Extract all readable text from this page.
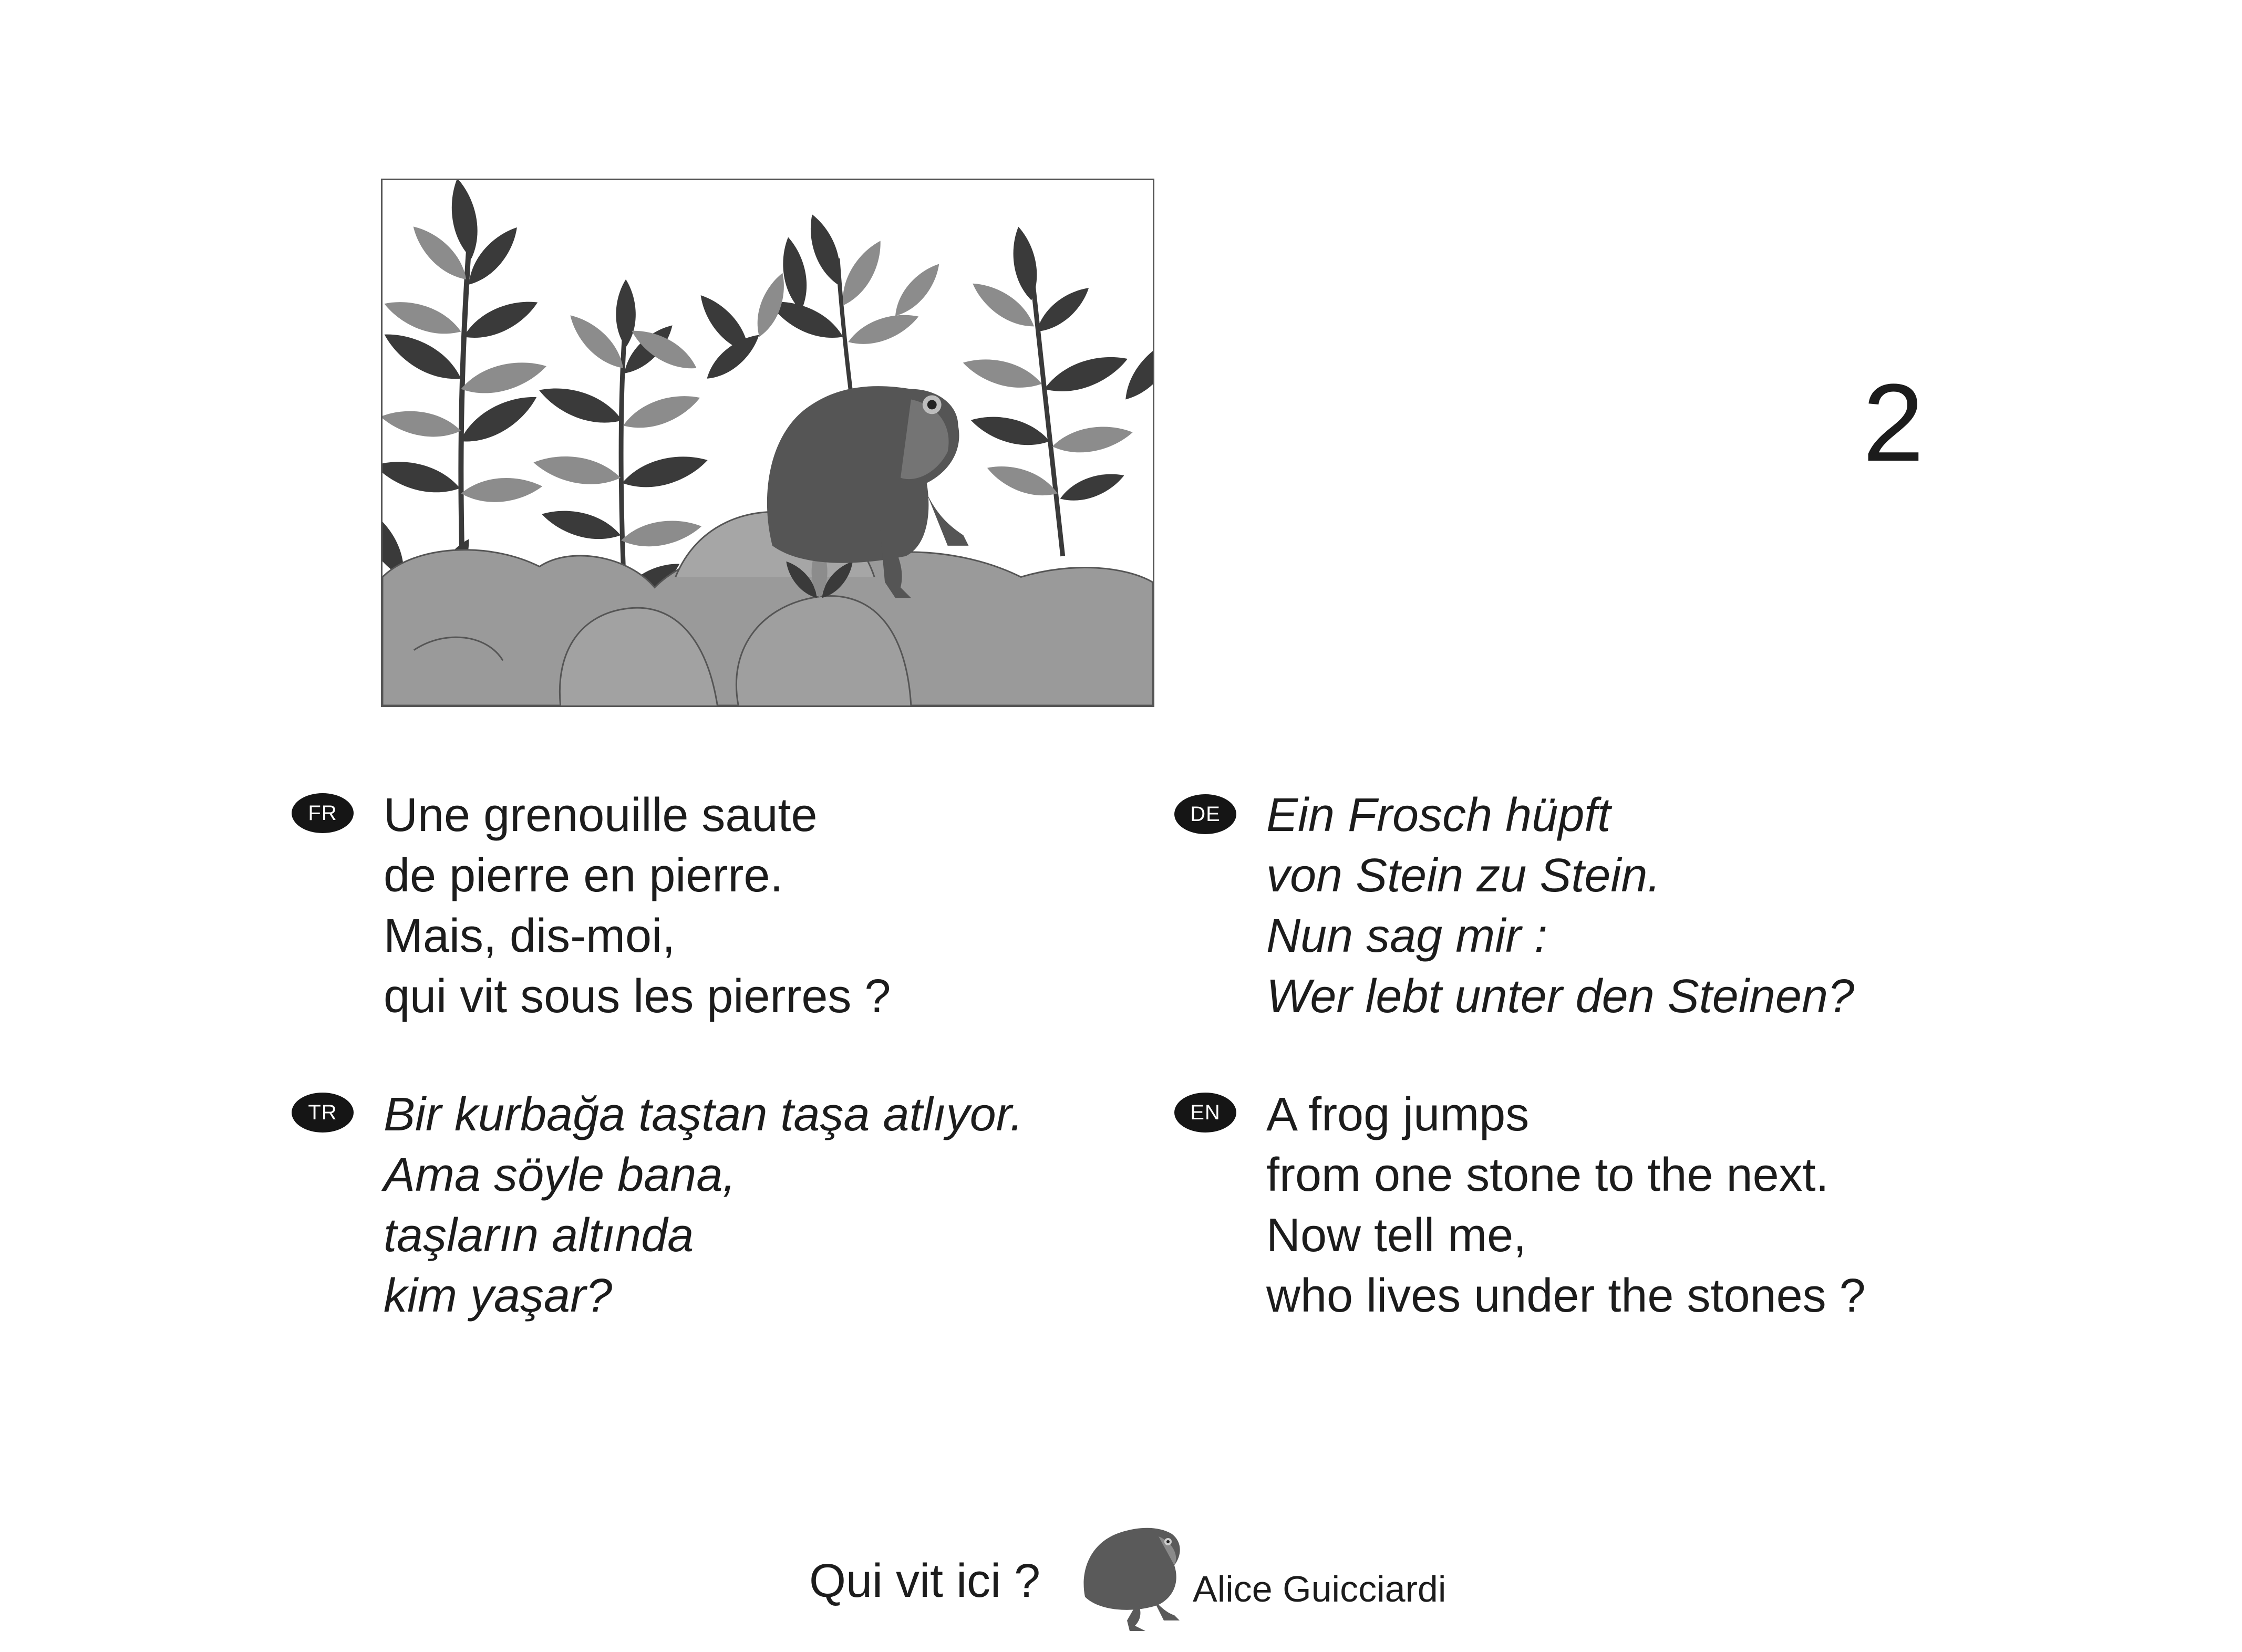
2
FR Une grenouille saute
de pierre en pierre.
Mais, dis-moi,
qui vit sous les pierres ?
DE Ein Frosch hüpft
von Stein zu Stein.
Nun sag mir :
Wer lebt unter den Steinen?
TR Bir kurbağa taştan taşa atlıyor.
Ama söyle bana,
taşların altında
kim yaşar?
EN A frog jumps
from one stone to the next.
Now tell me,
who lives under the stones ?
Qui vit ici ?	Alice Guicciardi
